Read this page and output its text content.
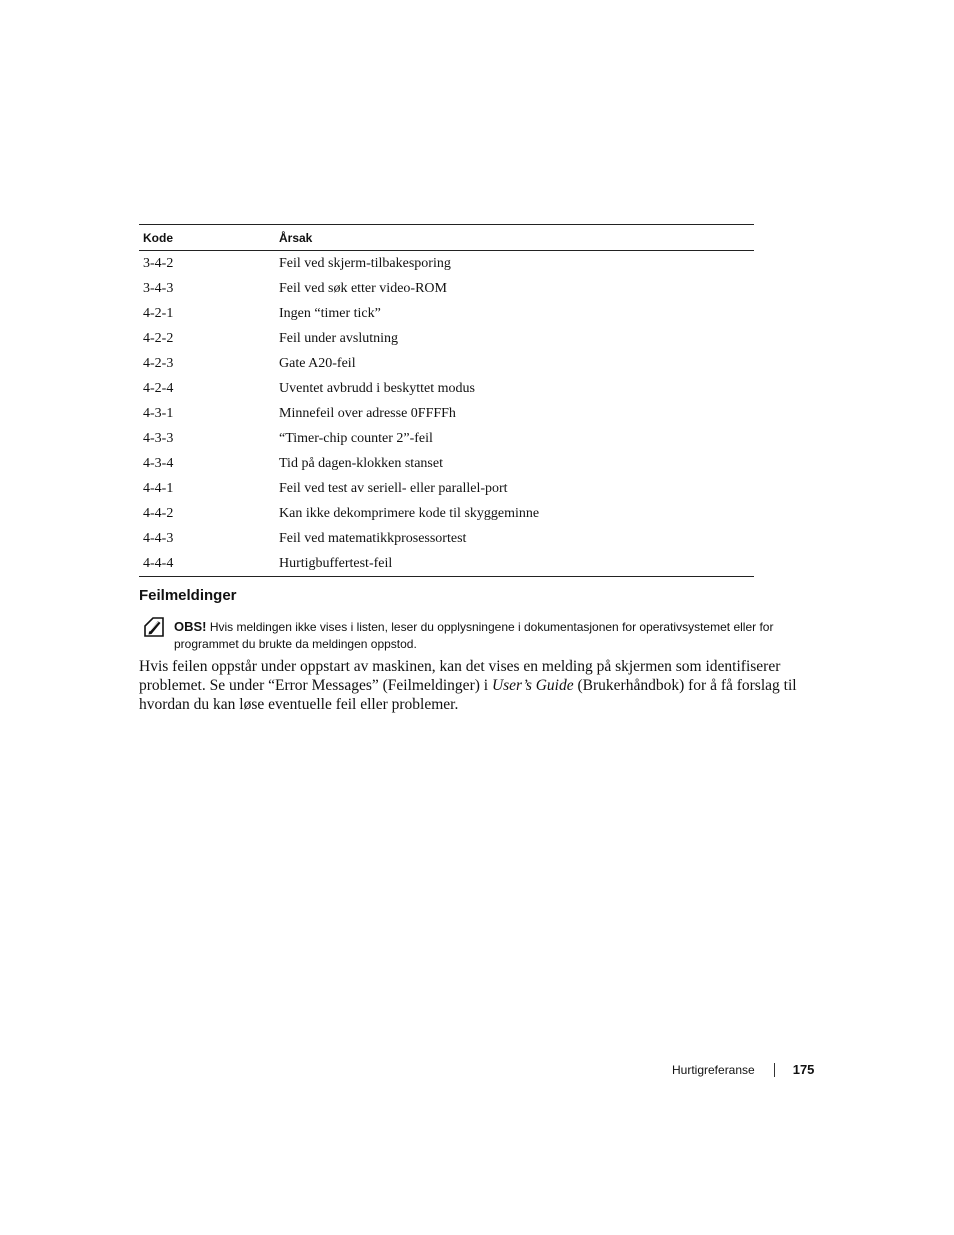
Kode	Årsak
3-4-2	Feil ved skjerm-tilbakesporing
3-4-3	Feil ved søk etter video-ROM
4-2-1	Ingen “timer tick”
4-2-2	Feil under avslutning
4-2-3	Gate A20-feil
4-2-4	Uventet avbrudd i beskyttet modus
4-3-1	Minnefeil over adresse 0FFFFh
4-3-3	“Timer-chip counter 2”-feil
4-3-4	Tid på dagen-klokken stanset
4-4-1	Feil ved test av seriell- eller parallel-port
4-4-2	Kan ikke dekomprimere kode til skyggeminne
4-4-3	Feil ved matematikkprosessortest
4-4-4	Hurtigbuffertest-feil
Feilmeldinger

OBS! Hvis meldingen ikke vises i listen, leser du opplysningene i dokumentasjonen for operativsystemet eller for programmet du brukte da meldingen oppstod.

Hvis feilen oppstår under oppstart av maskinen, kan det vises en melding på skjermen som identifiserer problemet. Se under “Error Messages” (Feilmeldinger) i User’s Guide (Brukerhåndbok) for å få forslag til hvordan du kan løse eventuelle feil eller problemer.

Hurtigreferanse	175
